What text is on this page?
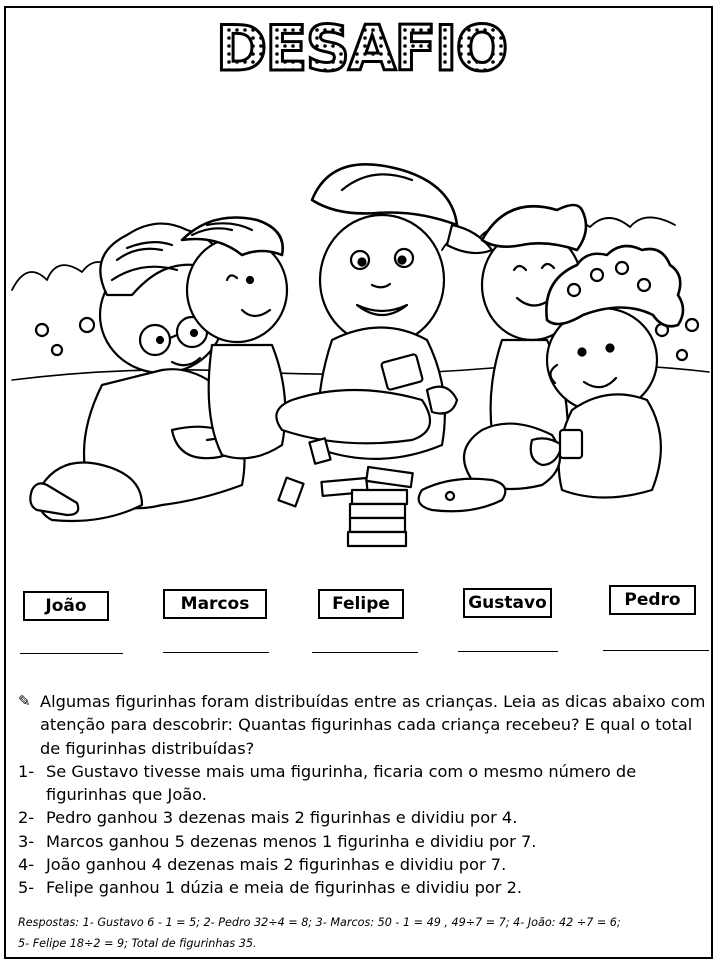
DESAFIO
João	Marcos	Felipe	Gustavo	Pedro
✎ Algumas figurinhas foram distribuídas entre as crianças. Leia as dicas abaixo com atenção para descobrir: Quantas figurinhas cada criança recebeu? E qual o total de figurinhas distribuídas?
1- Se Gustavo tivesse mais uma figurinha, ficaria com o mesmo número de figurinhas que João.
2- Pedro ganhou 3 dezenas mais 2 figurinhas e dividiu por 4.
3- Marcos ganhou 5 dezenas menos 1 figurinha e dividiu por 7.
4- João ganhou 4 dezenas mais 2 figurinhas e dividiu por 7.
5- Felipe ganhou 1 dúzia e meia de figurinhas e dividiu por 2.
Respostas: 1- Gustavo 6 - 1 = 5; 2- Pedro 32÷4 = 8; 3- Marcos: 50 - 1 = 49 , 49÷7 = 7; 4- João: 42 ÷7 = 6;
5- Felipe 18÷2 = 9; Total de figurinhas 35.
